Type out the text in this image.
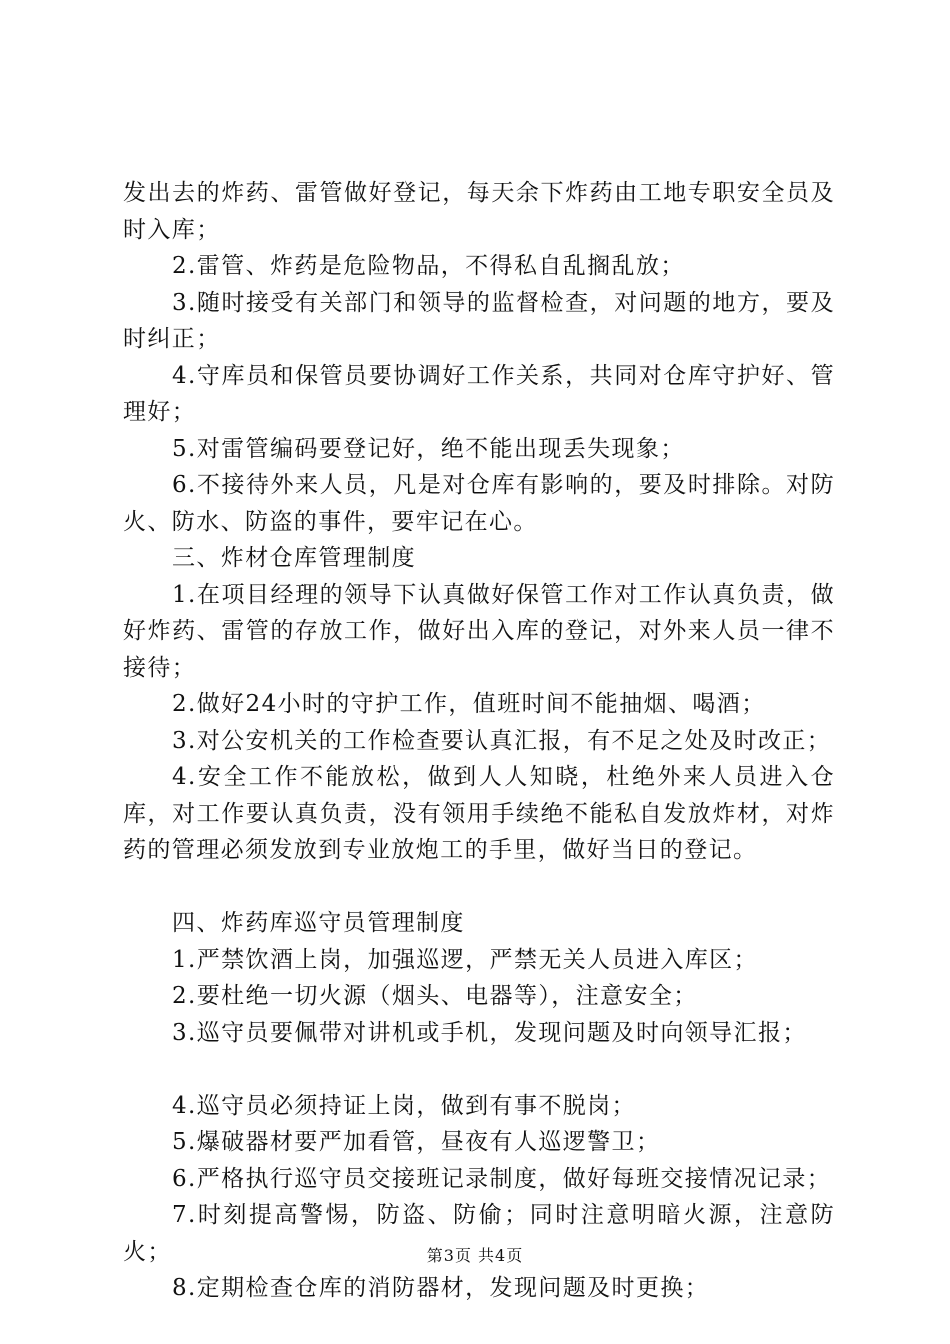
发出去的炸药、雷管做好登记，每天余下炸药由工地专职安全员及时入库；

2.雷管、炸药是危险物品，不得私自乱搁乱放；

3.随时接受有关部门和领导的监督检查，对问题的地方，要及时纠正；

4.守库员和保管员要协调好工作关系，共同对仓库守护好、管理好；

5.对雷管编码要登记好，绝不能出现丢失现象；

6.不接待外来人员，凡是对仓库有影响的，要及时排除。对防火、防水、防盗的事件，要牢记在心。

三、炸材仓库管理制度

1.在项目经理的领导下认真做好保管工作对工作认真负责，做好炸药、雷管的存放工作，做好出入库的登记，对外来人员一律不接待；

2.做好24小时的守护工作，值班时间不能抽烟、喝酒；

3.对公安机关的工作检查要认真汇报，有不足之处及时改正；

4.安全工作不能放松，做到人人知晓，杜绝外来人员进入仓库，对工作要认真负责，没有领用手续绝不能私自发放炸材，对炸药的管理必须发放到专业放炮工的手里，做好当日的登记。

四、炸药库巡守员管理制度

1.严禁饮酒上岗，加强巡逻，严禁无关人员进入库区；

2.要杜绝一切火源（烟头、电器等），注意安全；

3.巡守员要佩带对讲机或手机，发现问题及时向领导汇报；

4.巡守员必须持证上岗，做到有事不脱岗；

5.爆破器材要严加看管，昼夜有人巡逻警卫；

6.严格执行巡守员交接班记录制度，做好每班交接情况记录；

7.时刻提高警惕，防盗、防偷；同时注意明暗火源，注意防火；

8.定期检查仓库的消防器材，发现问题及时更换；

第3页 共4页
